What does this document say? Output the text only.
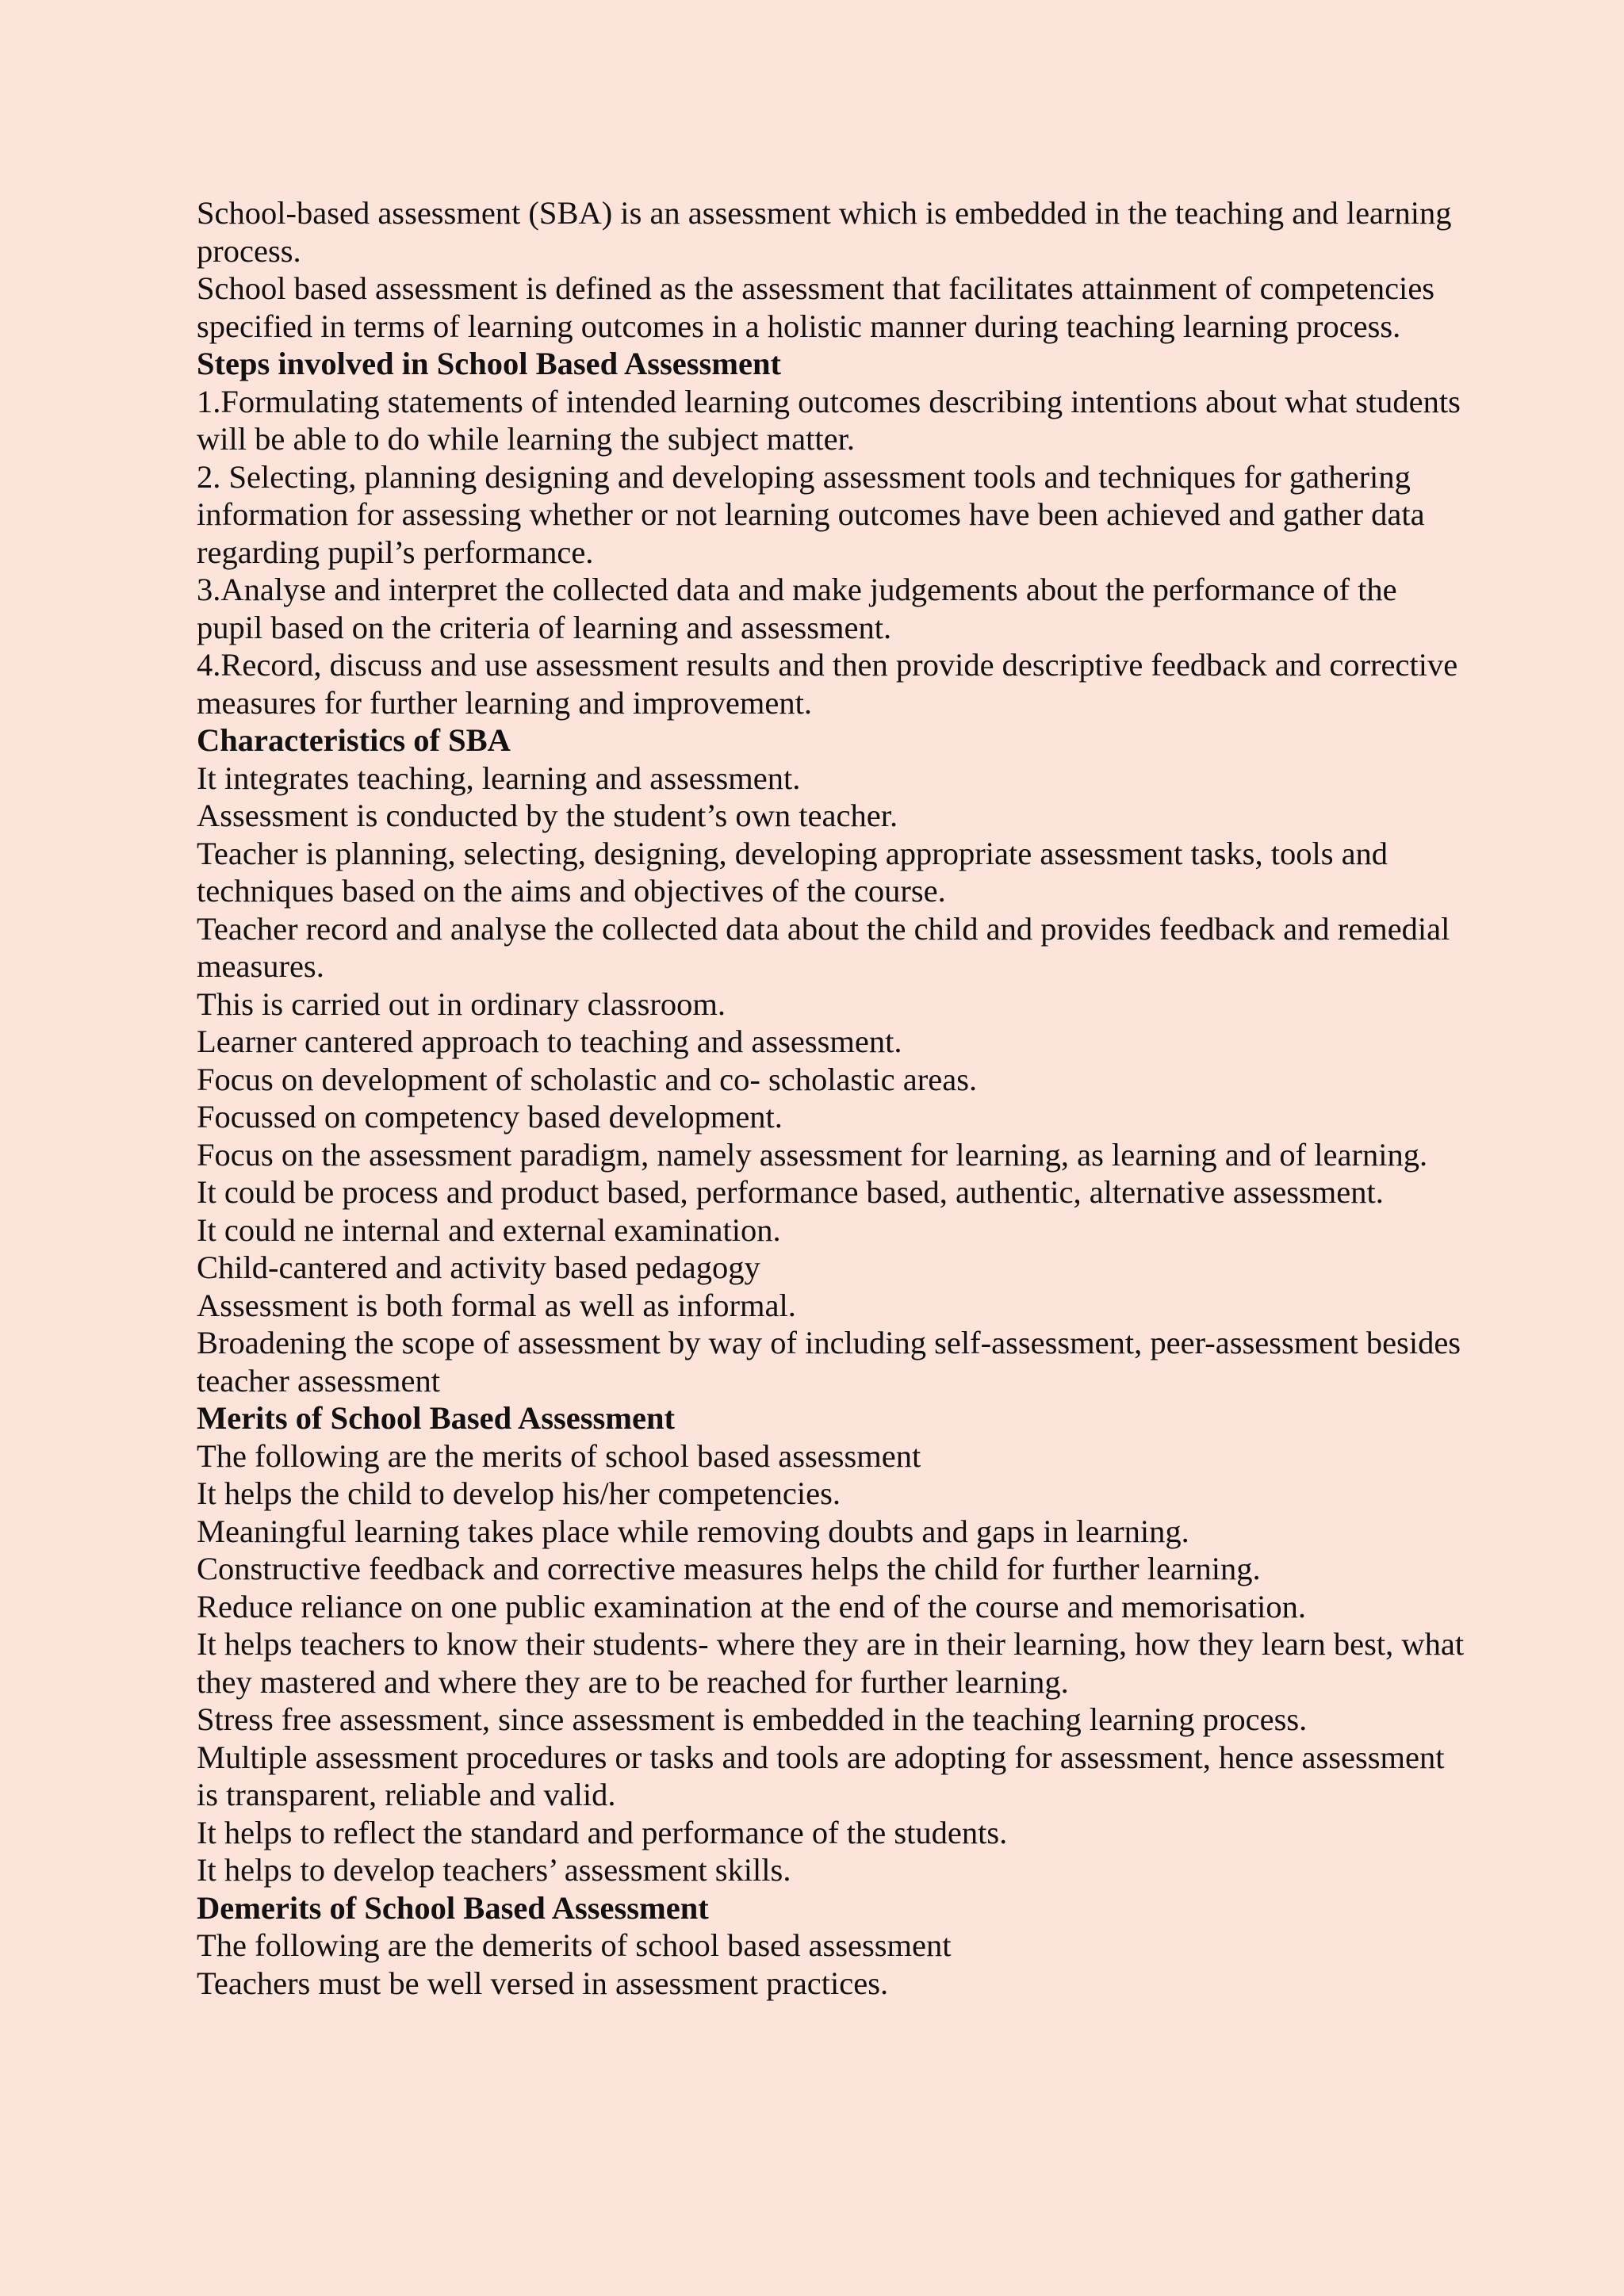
School-based assessment (SBA) is an assessment which is embedded in the teaching and learning process.

School based assessment is defined as the assessment that facilitates attainment of competencies specified in terms of learning outcomes in a holistic manner during teaching learning process.

Steps involved in School Based Assessment

1.Formulating statements of intended learning outcomes describing intentions about what students will be able to do while learning the subject matter.

2. Selecting, planning designing and developing assessment tools and techniques for gathering information for assessing whether or not learning outcomes have been achieved and gather data regarding pupil’s performance.

3.Analyse and interpret the collected data and make judgements about the performance of the pupil based on the criteria of learning and assessment.

4.Record, discuss and use assessment results and then provide descriptive feedback and corrective measures for further learning and improvement.

Characteristics of SBA

It integrates teaching, learning and assessment.

Assessment is conducted by the student’s own teacher.

Teacher is planning, selecting, designing, developing appropriate assessment tasks, tools and techniques based on the aims and objectives of the course.

Teacher record and analyse the collected data about the child and provides feedback and remedial measures.

This is carried out in ordinary classroom.

Learner cantered approach to teaching and assessment.

Focus on development of scholastic and co- scholastic areas.

Focussed on competency based development.

Focus on the assessment paradigm, namely assessment for learning, as learning and of learning.

It could be process and product based, performance based, authentic, alternative assessment.

It could ne internal and external examination.

Child-cantered and activity based pedagogy

Assessment is both formal as well as informal.

Broadening the scope of assessment by way of including self-assessment, peer-assessment besides teacher assessment

Merits of School Based Assessment

The following are the merits of school based assessment

It helps the child to develop his/her competencies.

Meaningful learning takes place while removing doubts and gaps in learning.

Constructive feedback and corrective measures helps the child for further learning.

Reduce reliance on one public examination at the end of the course and memorisation.

It helps teachers to know their students- where they are in their learning, how they learn best, what they mastered and where they are to be reached for further learning.

Stress free assessment, since assessment is embedded in the teaching learning process.

Multiple assessment procedures or tasks and tools are adopting for assessment, hence assessment is transparent, reliable and valid.

It helps to reflect the standard and performance of the students.

It helps to develop teachers’ assessment skills.

Demerits of School Based Assessment

The following are the demerits of school based assessment

Teachers must be well versed in assessment practices.
